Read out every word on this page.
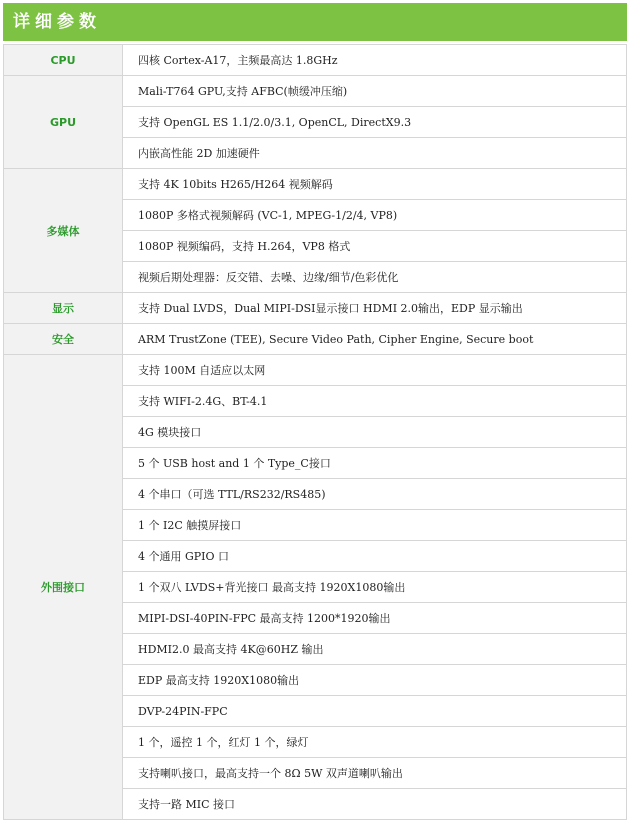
详细参数
CPU	四核 Cortex-A17，主频最高达 1.8GHz
GPU	Mali-T764 GPU,支持 AFBC(帧缓冲压缩)
	支持 OpenGL ES 1.1/2.0/3.1, OpenCL, DirectX9.3
	内嵌高性能 2D 加速硬件
多媒体	支持 4K 10bits H265/H264 视频解码
	1080P 多格式视频解码 (VC-1, MPEG-1/2/4, VP8)
	1080P 视频编码，支持 H.264，VP8 格式
	视频后期处理器：反交错、去噪、边缘/细节/色彩优化
显示	支持 Dual LVDS，Dual MIPI-DSI显示接口 HDMI 2.0输出，EDP 显示输出
安全	ARM TrustZone (TEE), Secure Video Path, Cipher Engine, Secure boot
外围接口	支持 100M 自适应以太网
	支持 WIFI-2.4G、BT-4.1
	4G 模块接口
	5 个 USB host and 1 个 Type_C接口
	4 个串口（可选 TTL/RS232/RS485)
	1 个 I2C 触摸屏接口
	4 个通用 GPIO 口
	1 个双八 LVDS+背光接口 最高支持 1920X1080输出
	MIPI-DSI-40PIN-FPC 最高支持 1200*1920输出
	HDMI2.0 最高支持 4K@60HZ 输出
	EDP 最高支持 1920X1080输出
	DVP-24PIN-FPC
	1 个，遥控 1 个，红灯 1 个，绿灯
	支持喇叭接口，最高支持一个 8Ω 5W 双声道喇叭输出
	支持一路 MIC 接口
